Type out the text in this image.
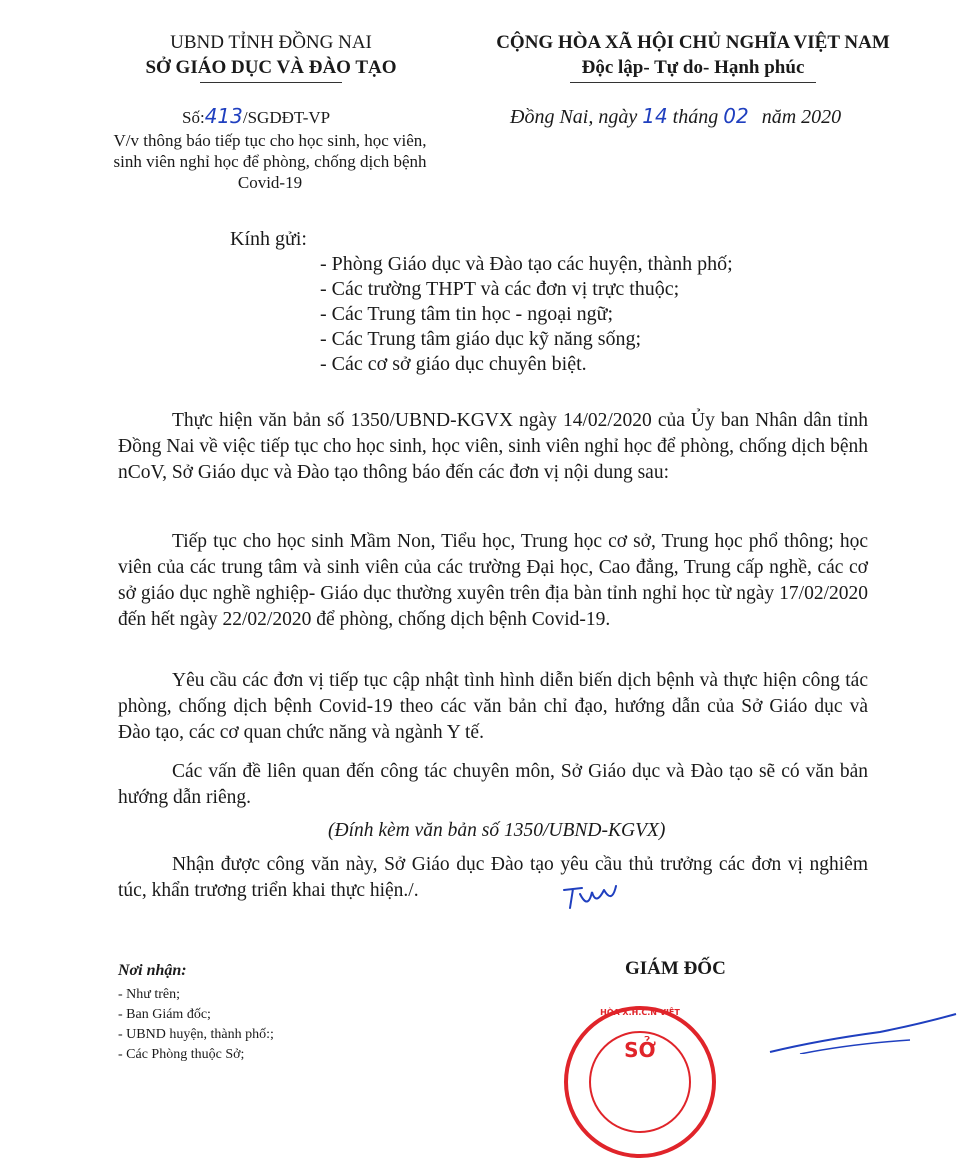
UBND TỈNH ĐỒNG NAI
SỞ GIÁO DỤC VÀ ĐÀO TẠO
Số:413/SGDĐT-VP
V/v thông báo tiếp tục cho học sinh, học viên,
sinh viên nghỉ học để phòng, chống dịch bệnh
Covid-19
CỘNG HÒA XÃ HỘI CHỦ NGHĨA VIỆT NAM
Độc lập- Tự do- Hạnh phúc
Đồng Nai, ngày 14 tháng 02 năm 2020
Kính gửi:
- Phòng Giáo dục và Đào tạo các huyện, thành phố;
- Các trường THPT và các đơn vị trực thuộc;
- Các Trung tâm tin học - ngoại ngữ;
- Các Trung tâm giáo dục kỹ năng sống;
- Các cơ sở giáo dục chuyên biệt.
Thực hiện văn bản số 1350/UBND-KGVX ngày 14/02/2020 của Ủy ban Nhân dân tỉnh Đồng Nai về việc tiếp tục cho học sinh, học viên, sinh viên nghỉ học để phòng, chống dịch bệnh nCoV, Sở Giáo dục và Đào tạo thông báo đến các đơn vị nội dung sau:
Tiếp tục cho học sinh Mầm Non, Tiểu học, Trung học cơ sở, Trung học phổ thông; học viên của các trung tâm và sinh viên của các trường Đại học, Cao đẳng, Trung cấp nghề, các cơ sở giáo dục nghề nghiệp- Giáo dục thường xuyên trên địa bàn tỉnh nghỉ học từ ngày 17/02/2020 đến hết ngày 22/02/2020 để phòng, chống dịch bệnh Covid-19.
Yêu cầu các đơn vị tiếp tục cập nhật tình hình diễn biến dịch bệnh và thực hiện công tác phòng, chống dịch bệnh Covid-19 theo các văn bản chỉ đạo, hướng dẫn của Sở Giáo dục và Đào tạo, các cơ quan chức năng và ngành Y tế.
Các vấn đề liên quan đến công tác chuyên môn, Sở Giáo dục và Đào tạo sẽ có văn bản hướng dẫn riêng.
(Đính kèm văn bản số 1350/UBND-KGVX)
Nhận được công văn này, Sở Giáo dục Đào tạo yêu cầu thủ trưởng các đơn vị nghiêm túc, khẩn trương triển khai thực hiện./.
Nơi nhận:
- Như trên;
- Ban Giám đốc;
- UBND huyện, thành phố:;
- Các Phòng thuộc Sở;
GIÁM ĐỐC
HÒA X.H.C.N VIỆT
SỞ
